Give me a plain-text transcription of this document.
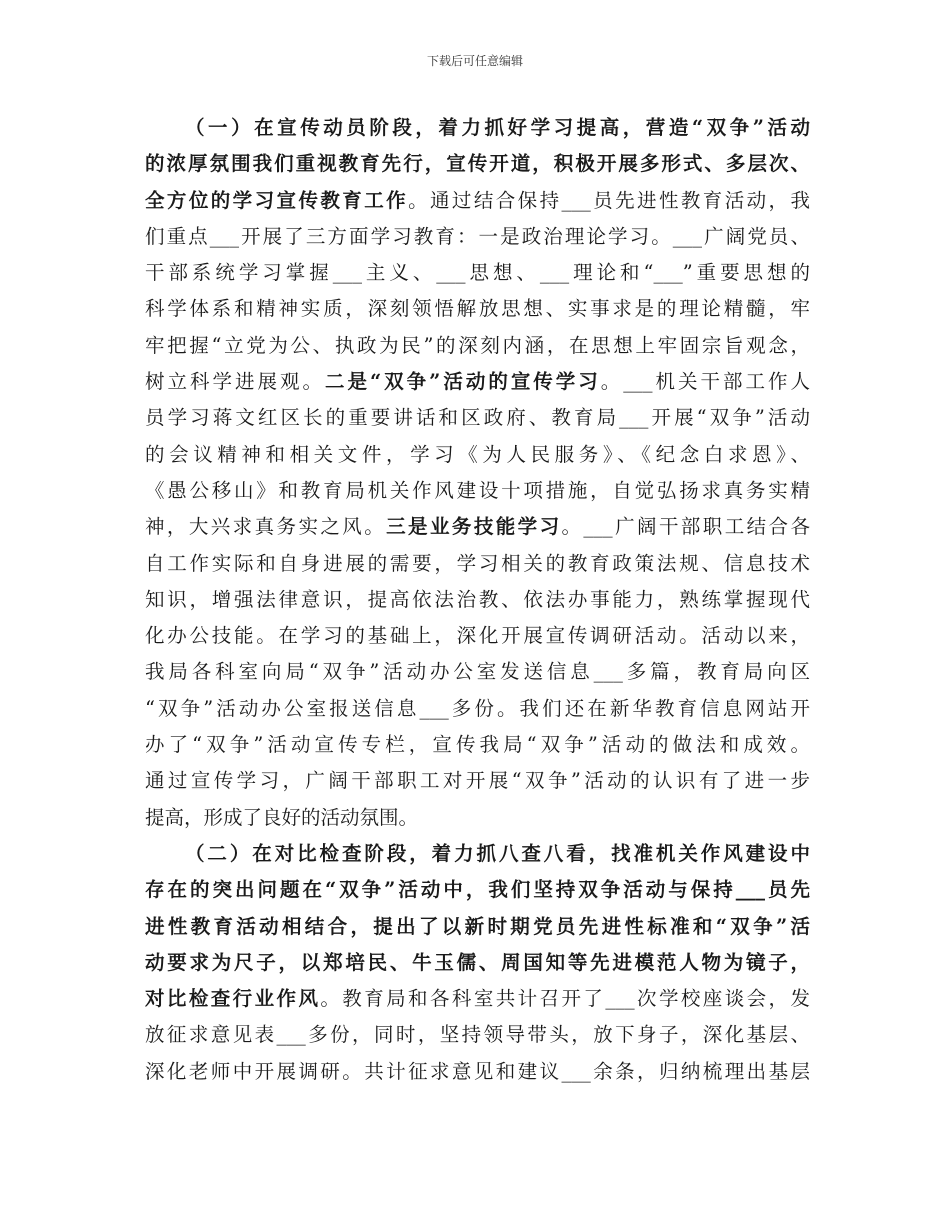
下载后可任意编辑
（一）在宣传动员阶段，着力抓好学习提高，营造“双争”活动
的浓厚氛围我们重视教育先行，宣传开道，积极开展多形式、多层次、
全方位的学习宣传教育工作。通过结合保持___员先进性教育活动，我
们重点___开展了三方面学习教育：一是政治理论学习。___广阔党员、
干部系统学习掌握___主义、___思想、___理论和“___”重要思想的
科学体系和精神实质，深刻领悟解放思想、实事求是的理论精髓，牢
牢把握“立党为公、执政为民”的深刻内涵，在思想上牢固宗旨观念，
树立科学进展观。二是“双争”活动的宣传学习。___机关干部工作人
员学习蒋文红区长的重要讲话和区政府、教育局___开展“双争”活动
的会议精神和相关文件，学习《为人民服务》、《纪念白求恩》、
《愚公移山》和教育局机关作风建设十项措施，自觉弘扬求真务实精
神，大兴求真务实之风。三是业务技能学习。___广阔干部职工结合各
自工作实际和自身进展的需要，学习相关的教育政策法规、信息技术
知识，增强法律意识，提高依法治教、依法办事能力，熟练掌握现代
化办公技能。在学习的基础上，深化开展宣传调研活动。活动以来，
我局各科室向局“双争”活动办公室发送信息___多篇，教育局向区
“双争”活动办公室报送信息___多份。我们还在新华教育信息网站开
办了“双争”活动宣传专栏，宣传我局“双争”活动的做法和成效。
通过宣传学习，广阔干部职工对开展“双争”活动的认识有了进一步
提高，形成了良好的活动氛围。
（二）在对比检查阶段，着力抓八查八看，找准机关作风建设中
存在的突出问题在“双争”活动中，我们坚持双争活动与保持___员先
进性教育活动相结合，提出了以新时期党员先进性标准和“双争”活
动要求为尺子，以郑培民、牛玉儒、周国知等先进模范人物为镜子，
对比检查行业作风。教育局和各科室共计召开了___次学校座谈会，发
放征求意见表___多份，同时，坚持领导带头，放下身子，深化基层、
深化老师中开展调研。共计征求意见和建议___余条，归纳梳理出基层
